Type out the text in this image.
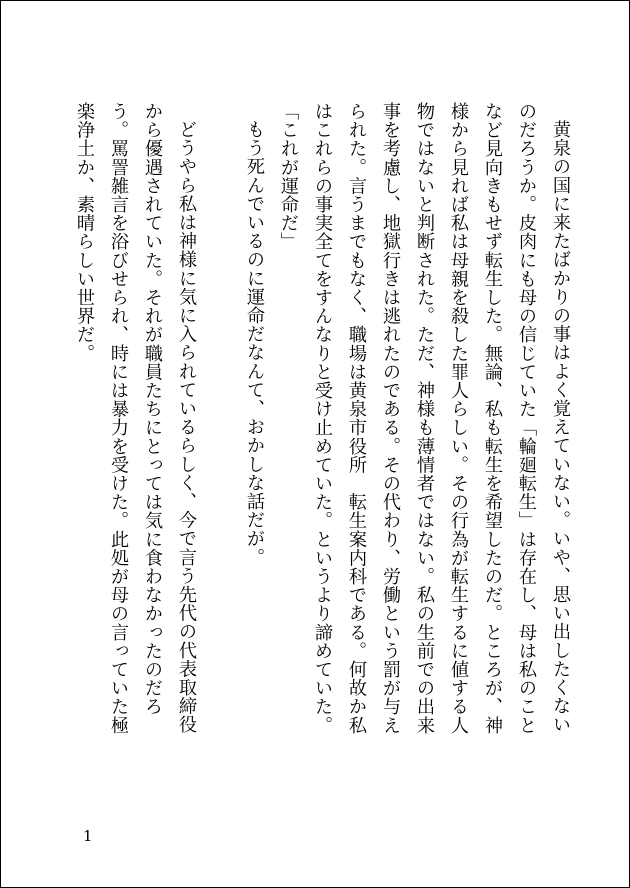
黄泉の国に来たばかりの事はよく覚えていない。いや、思い出したくないのだろうか。皮肉にも母の信じていた「輪廻転生」は存在し、母は私のことなど見向きもせず転生した。無論、私も転生を希望したのだ。ところが、神様から見れば私は母親を殺した罪人らしい。その行為が転生するに値する人物ではないと判断された。ただ、神様も薄情者ではない。私の生前での出来事を考慮し、地獄行きは逃れたのである。その代わり、労働という罰が与えられた。言うまでもなく、職場は黄泉市役所　転生案内科である。何故か私はこれらの事実全てをすんなりと受け止めていた。というより諦めていた。

「これが運命だ」

もう死んでいるのに運命だなんて、おかしな話だが。

どうやら私は神様に気に入られているらしく、今で言う先代の代表取締役から優遇されていた。それが職員たちにとっては気に食わなかったのだろう。罵詈雑言を浴びせられ、時には暴力を受けた。此処が母の言っていた極楽浄土か、素晴らしい世界だ。

1
